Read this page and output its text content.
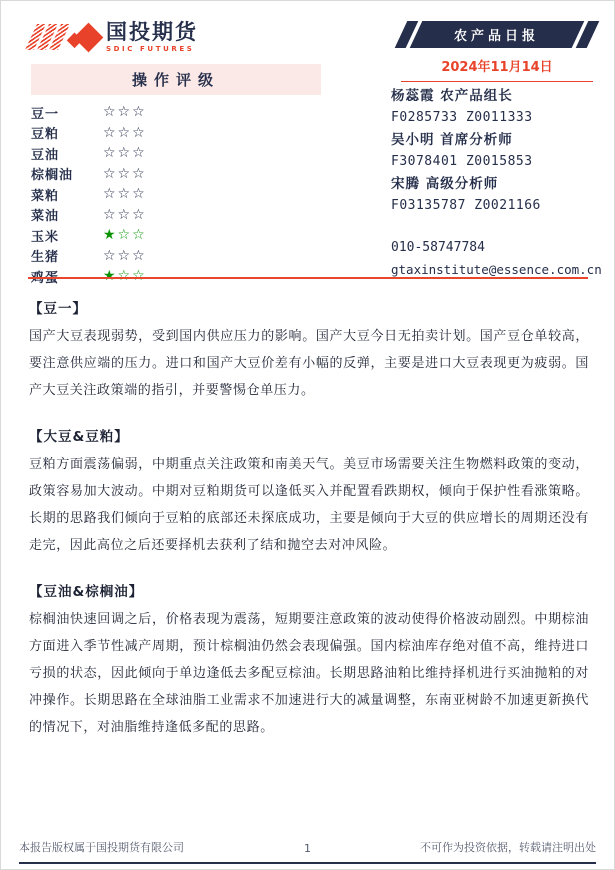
国投期货
SDIC FUTURES
农产品日报
2024年11月14日
操作评级
豆一	☆☆☆
豆粕	☆☆☆
豆油	☆☆☆
棕榈油	☆☆☆
菜粕	☆☆☆
菜油	☆☆☆
玉米	★☆☆
生猪	☆☆☆
鸡蛋	★☆☆
杨蕊霞 农产品组长
F0285733 Z0011333
吴小明 首席分析师
F3078401 Z0015853
宋腾 高级分析师
F03135787 Z0021166
010-58747784
gtaxinstitute@essence.com.cn

【豆一】

国产大豆表现弱势，受到国内供应压力的影响。国产大豆今日无拍卖计划。国产豆仓单较高，要注意供应端的压力。进口和国产大豆价差有小幅的反弹，主要是进口大豆表现更为疲弱。国产大豆关注政策端的指引，并要警惕仓单压力。

【大豆&豆粕】

豆粕方面震荡偏弱，中期重点关注政策和南美天气。美豆市场需要关注生物燃料政策的变动，政策容易加大波动。中期对豆粕期货可以逢低买入并配置看跌期权，倾向于保护性看涨策略。长期的思路我们倾向于豆粕的底部还未探底成功，主要是倾向于大豆的供应增长的周期还没有走完，因此高位之后还要择机去获利了结和抛空去对冲风险。

【豆油&棕榈油】

棕榈油快速回调之后，价格表现为震荡，短期要注意政策的波动使得价格波动剧烈。中期棕油方面进入季节性减产周期，预计棕榈油仍然会表现偏强。国内棕油库存绝对值不高，维持进口亏损的状态，因此倾向于单边逢低去多配豆棕油。长期思路油粕比维持择机进行买油抛粕的对冲操作。长期思路在全球油脂工业需求不加速进行大的减量调整，东南亚树龄不加速更新换代的情况下，对油脂维持逢低多配的思路。

本报告版权属于国投期货有限公司	1	不可作为投资依据，转载请注明出处
